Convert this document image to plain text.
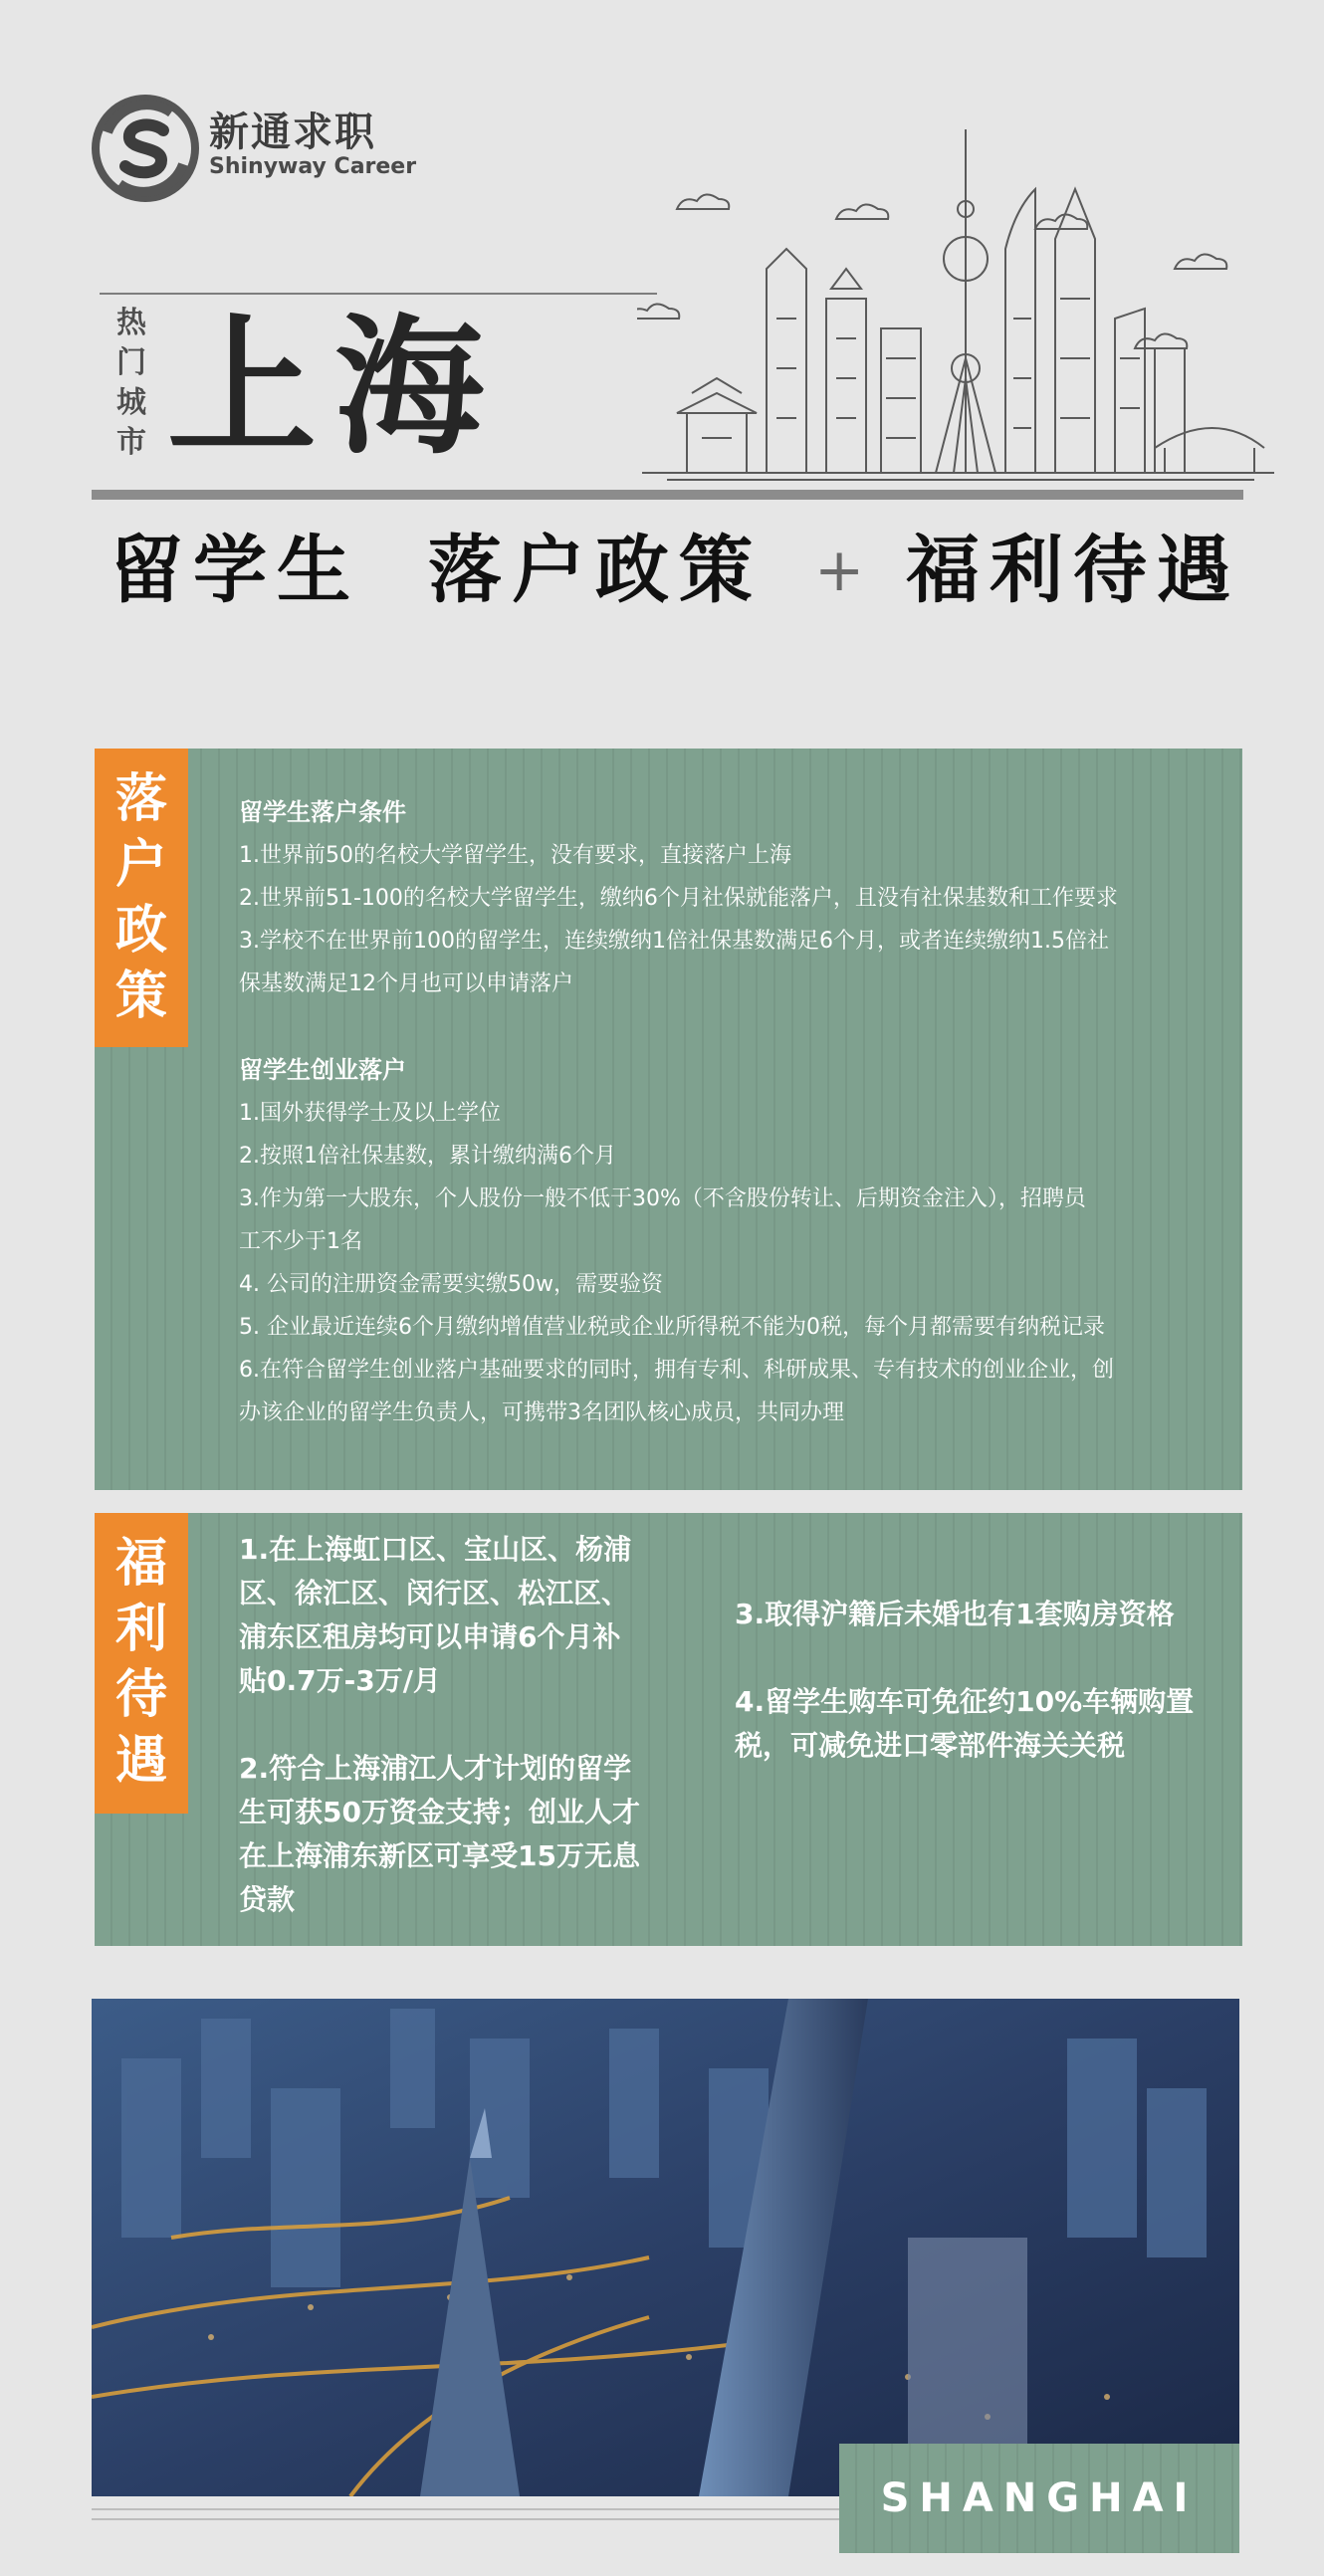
新通求职
Shinyway Career
热
门
城
市 上海
留学生 落户政策 + 福利待遇
落
户
政
策
留学生落户条件
1.世界前50的名校大学留学生，没有要求，直接落户上海
2.世界前51-100的名校大学留学生，缴纳6个月社保就能落户，且没有社保基数和工作要求
3.学校不在世界前100的留学生，连续缴纳1倍社保基数满足6个月，或者连续缴纳1.5倍社
保基数满足12个月也可以申请落户
留学生创业落户
1.国外获得学士及以上学位
2.按照1倍社保基数，累计缴纳满6个月
3.作为第一大股东，个人股份一般不低于30%（不含股份转让、后期资金注入），招聘员
工不少于1名
4. 公司的注册资金需要实缴50w，需要验资
5. 企业最近连续6个月缴纳增值营业税或企业所得税不能为0税，每个月都需要有纳税记录
6.在符合留学生创业落户基础要求的同时，拥有专利、科研成果、专有技术的创业企业，创
办该企业的留学生负责人，可携带3名团队核心成员，共同办理
福
利
待
遇
1.在上海虹口区、宝山区、杨浦
区、徐汇区、闵行区、松江区、
浦东区租房均可以申请6个月补
贴0.7万-3万/月
2.符合上海浦江人才计划的留学
生可获50万资金支持；创业人才
在上海浦东新区可享受15万无息
贷款
3.取得沪籍后未婚也有1套购房资格
4.留学生购车可免征约10%车辆购置
税，可减免进口零部件海关关税
SHANGHAI
